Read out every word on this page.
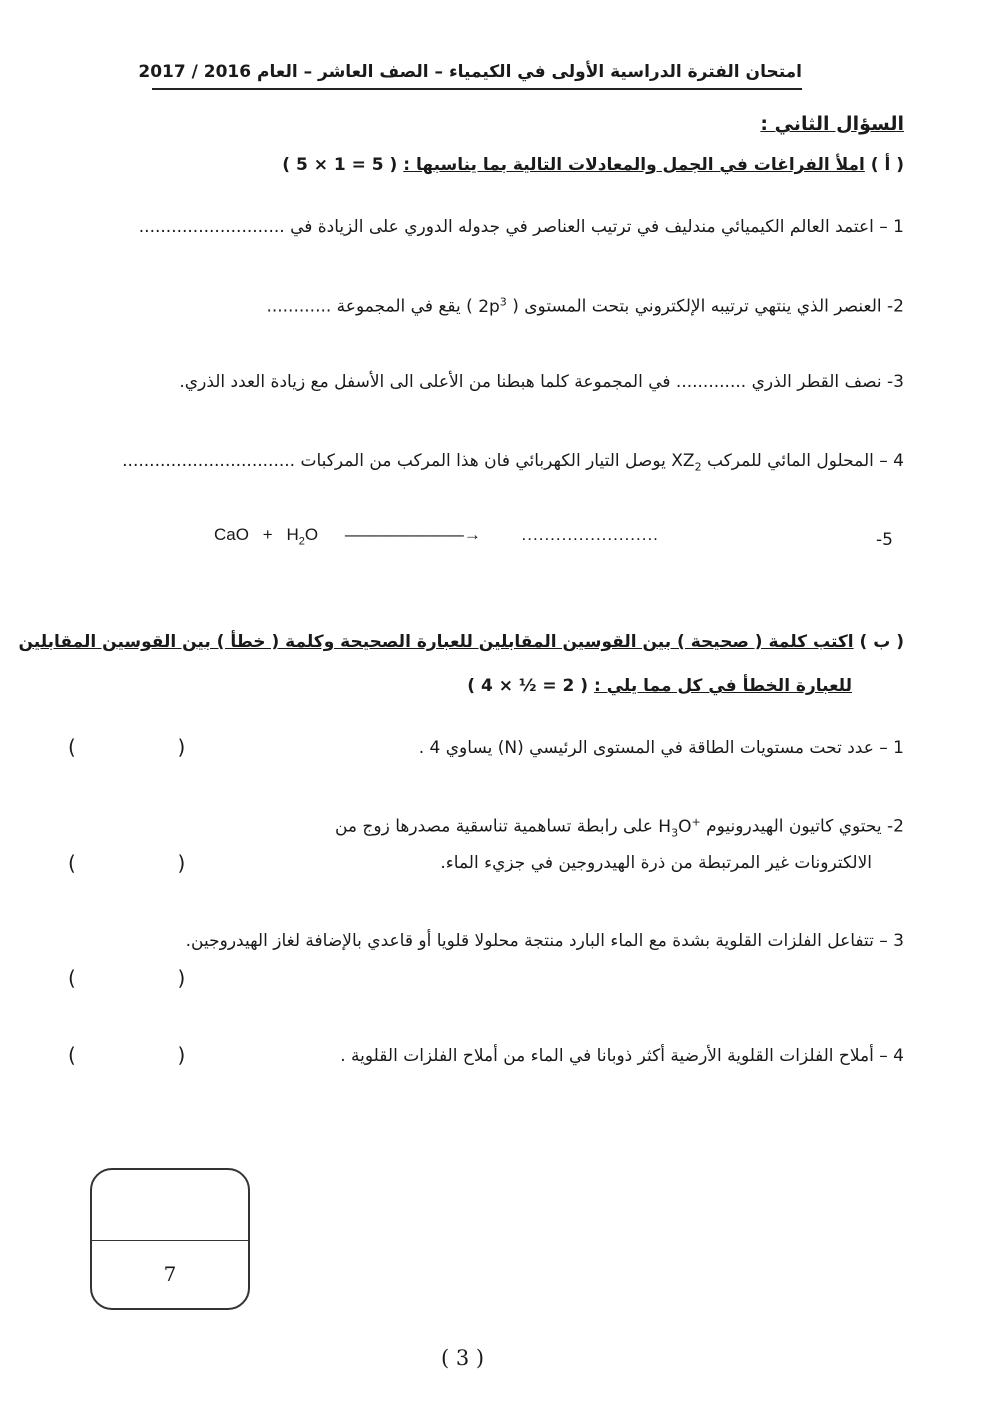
امتحان الفترة الدراسية الأولى في الكيمياء – الصف العاشر – العام 2016 / 2017
السؤال الثاني :
( أ ) املأ الفراغات في الجمل والمعادلات التالية بما يناسبها : ( 5 × 1 = 5 )
1 – اعتمد العالم الكيميائي مندليف في ترتيب العناصر في جدوله الدوري على الزيادة في ...........................
2- العنصر الذي ينتهي ترتيبه الإلكتروني بتحت المستوى ( $2p^3$ ) يقع في المجموعة ............
3- نصف القطر الذري ............. في المجموعة كلما هبطنا من الأعلى الى الأسفل مع زيادة العدد الذري.
4 – المحلول المائي للمركب $XZ_2$ يوصل التيار الكهربائي فان هذا المركب من المركبات ................................
-5
CaO + $H_2O$ ———————→ ........................
( ب ) اكتب كلمة ( صحيحة ) بين القوسين المقابلين للعبارة الصحيحة وكلمة ( خطأ ) بين القوسين المقابلين
للعبارة الخطأ في كل مما يلي : ( 4 × ½ = 2 )
1 – عدد تحت مستويات الطاقة في المستوى الرئيسي (N) يساوي 4 .
(                )
2- يحتوي كاتيون الهيدرونيوم $H_3O^+$ على رابطة تساهمية تناسقية مصدرها زوج من
الالكترونات غير المرتبطة من ذرة الهيدروجين في جزيء الماء.
(                )
3 – تتفاعل الفلزات القلوية بشدة مع الماء البارد منتجة محلولا قلويا أو قاعدي بالإضافة لغاز الهيدروجين.
(                )
4 – أملاح الفلزات القلوية الأرضية أكثر ذوبانا في الماء من أملاح الفلزات القلوية .
(                )
7
( 3 )
